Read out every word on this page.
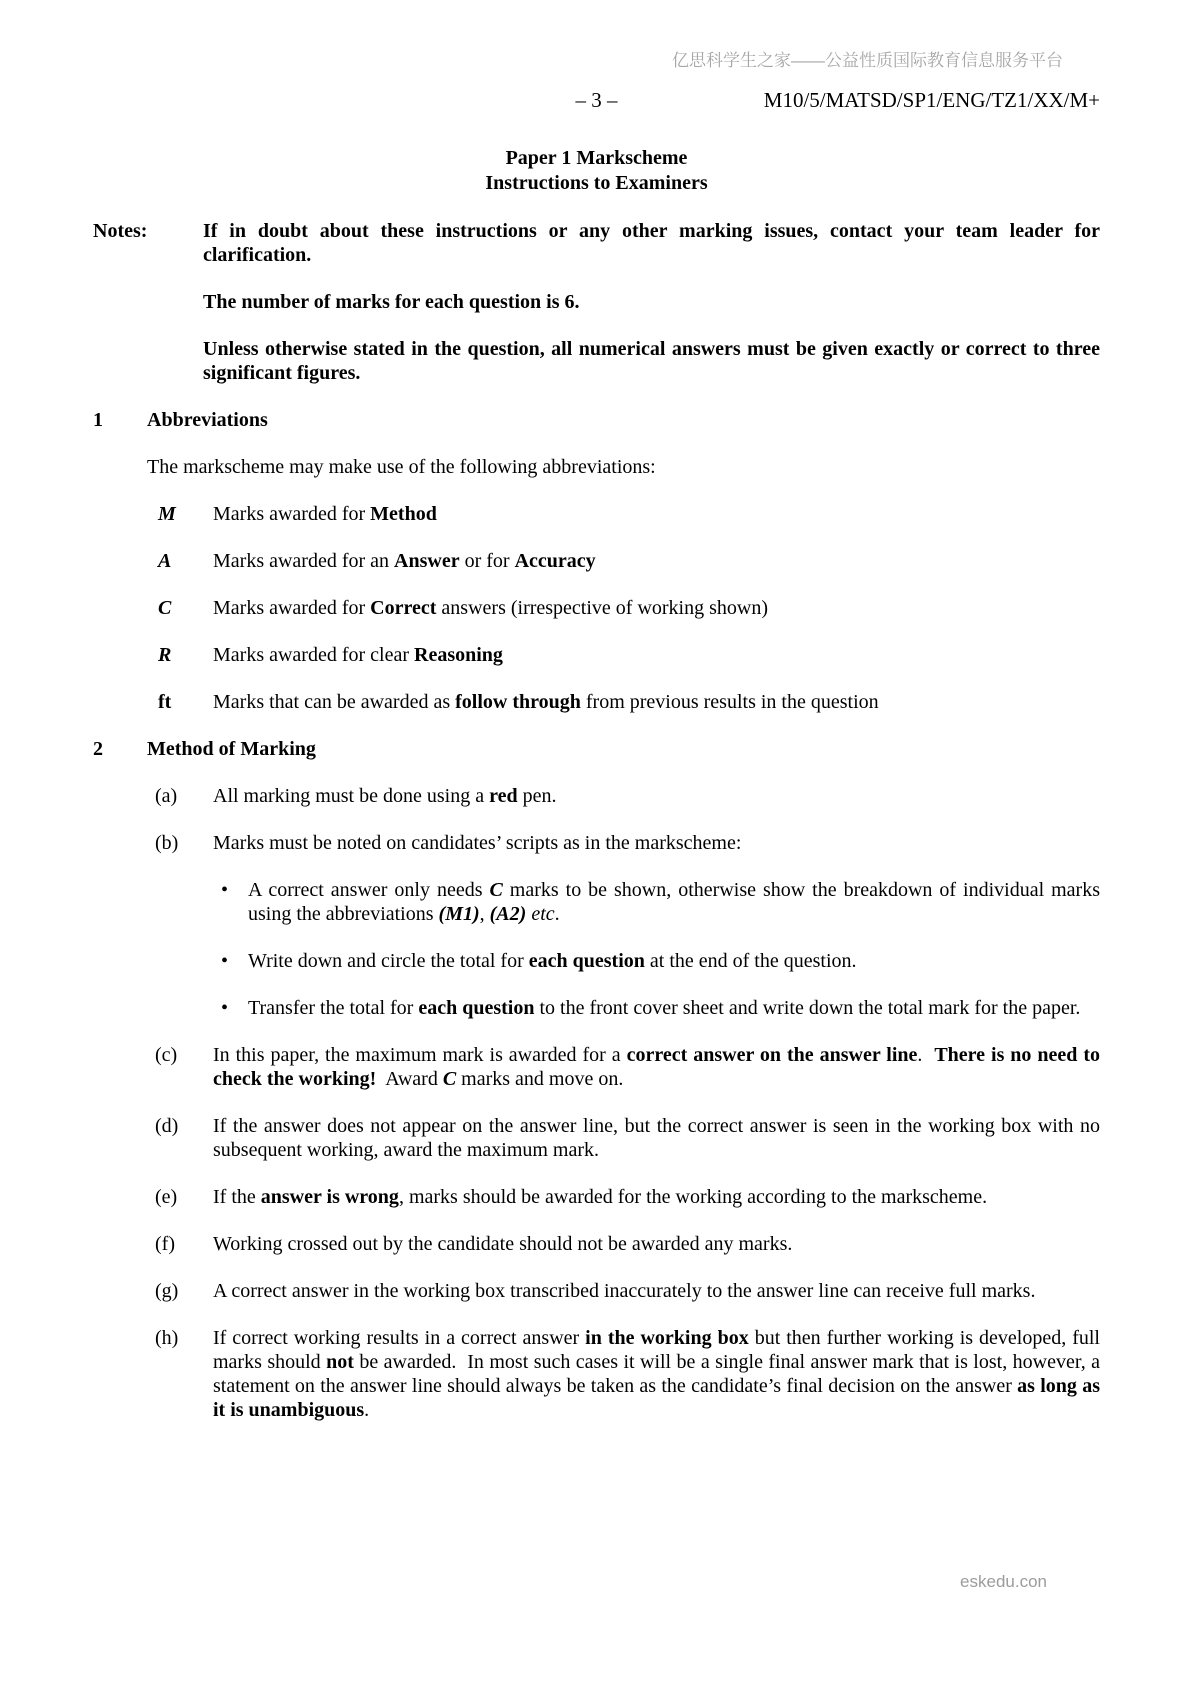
亿思科学生之家——公益性质国际教育信息服务平台
– 3 –	M10/5/MATSD/SP1/ENG/TZ1/XX/M+
Paper 1 Markscheme
Instructions to Examiners
Notes:	If in doubt about these instructions or any other marking issues, contact your team leader for clarification.

The number of marks for each question is 6.

Unless otherwise stated in the question, all numerical answers must be given exactly or correct to three significant figures.

1	Abbreviations

The markscheme may make use of the following abbreviations:

M	Marks awarded for Method
A	Marks awarded for an Answer or for Accuracy
C	Marks awarded for Correct answers (irrespective of working shown)
R	Marks awarded for clear Reasoning
ft	Marks that can be awarded as follow through from previous results in the question
2	Method of Marking

(a)	All marking must be done using a red pen.
(b)	Marks must be noted on candidates’ scripts as in the markscheme:
• A correct answer only needs C marks to be shown, otherwise show the breakdown of individual marks using the abbreviations (M1), (A2) etc.
• Write down and circle the total for each question at the end of the question.
• Transfer the total for each question to the front cover sheet and write down the total mark for the paper.
(c)	In this paper, the maximum mark is awarded for a correct answer on the answer line.  There is no need to check the working!  Award C marks and move on.
(d)	If the answer does not appear on the answer line, but the correct answer is seen in the working box with no subsequent working, award the maximum mark.
(e)	If the answer is wrong, marks should be awarded for the working according to the markscheme.
(f)	Working crossed out by the candidate should not be awarded any marks.
(g)	A correct answer in the working box transcribed inaccurately to the answer line can receive full marks.
(h)	If correct working results in a correct answer in the working box but then further working is developed, full marks should not be awarded.  In most such cases it will be a single final answer mark that is lost, however, a statement on the answer line should always be taken as the candidate’s final decision on the answer as long as it is unambiguous.
eskedu.con
